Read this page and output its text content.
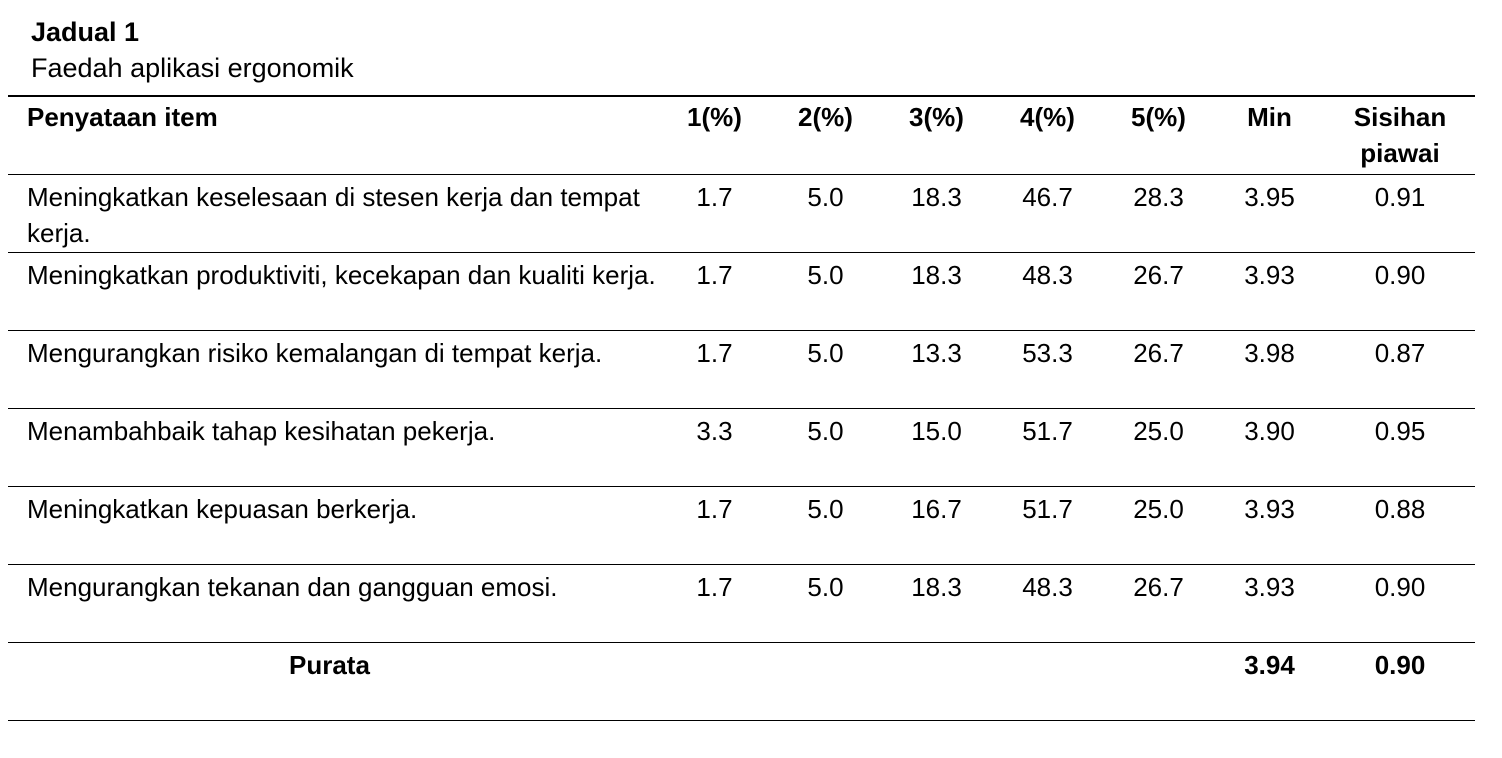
Jadual 1

Faedah aplikasi ergonomik

Penyataan item	1(%)	2(%)	3(%)	4(%)	5(%)	Min	Sisihan piawai
Meningkatkan keselesaan di stesen kerja dan tempat kerja.	1.7	5.0	18.3	46.7	28.3	3.95	0.91
Meningkatkan produktiviti, kecekapan dan kualiti kerja.	1.7	5.0	18.3	48.3	26.7	3.93	0.90
Mengurangkan risiko kemalangan di tempat kerja.	1.7	5.0	13.3	53.3	26.7	3.98	0.87
Menambahbaik tahap kesihatan pekerja.	3.3	5.0	15.0	51.7	25.0	3.90	0.95
Meningkatkan kepuasan berkerja.	1.7	5.0	16.7	51.7	25.0	3.93	0.88
Mengurangkan tekanan dan gangguan emosi.	1.7	5.0	18.3	48.3	26.7	3.93	0.90
Purata						3.94	0.90
